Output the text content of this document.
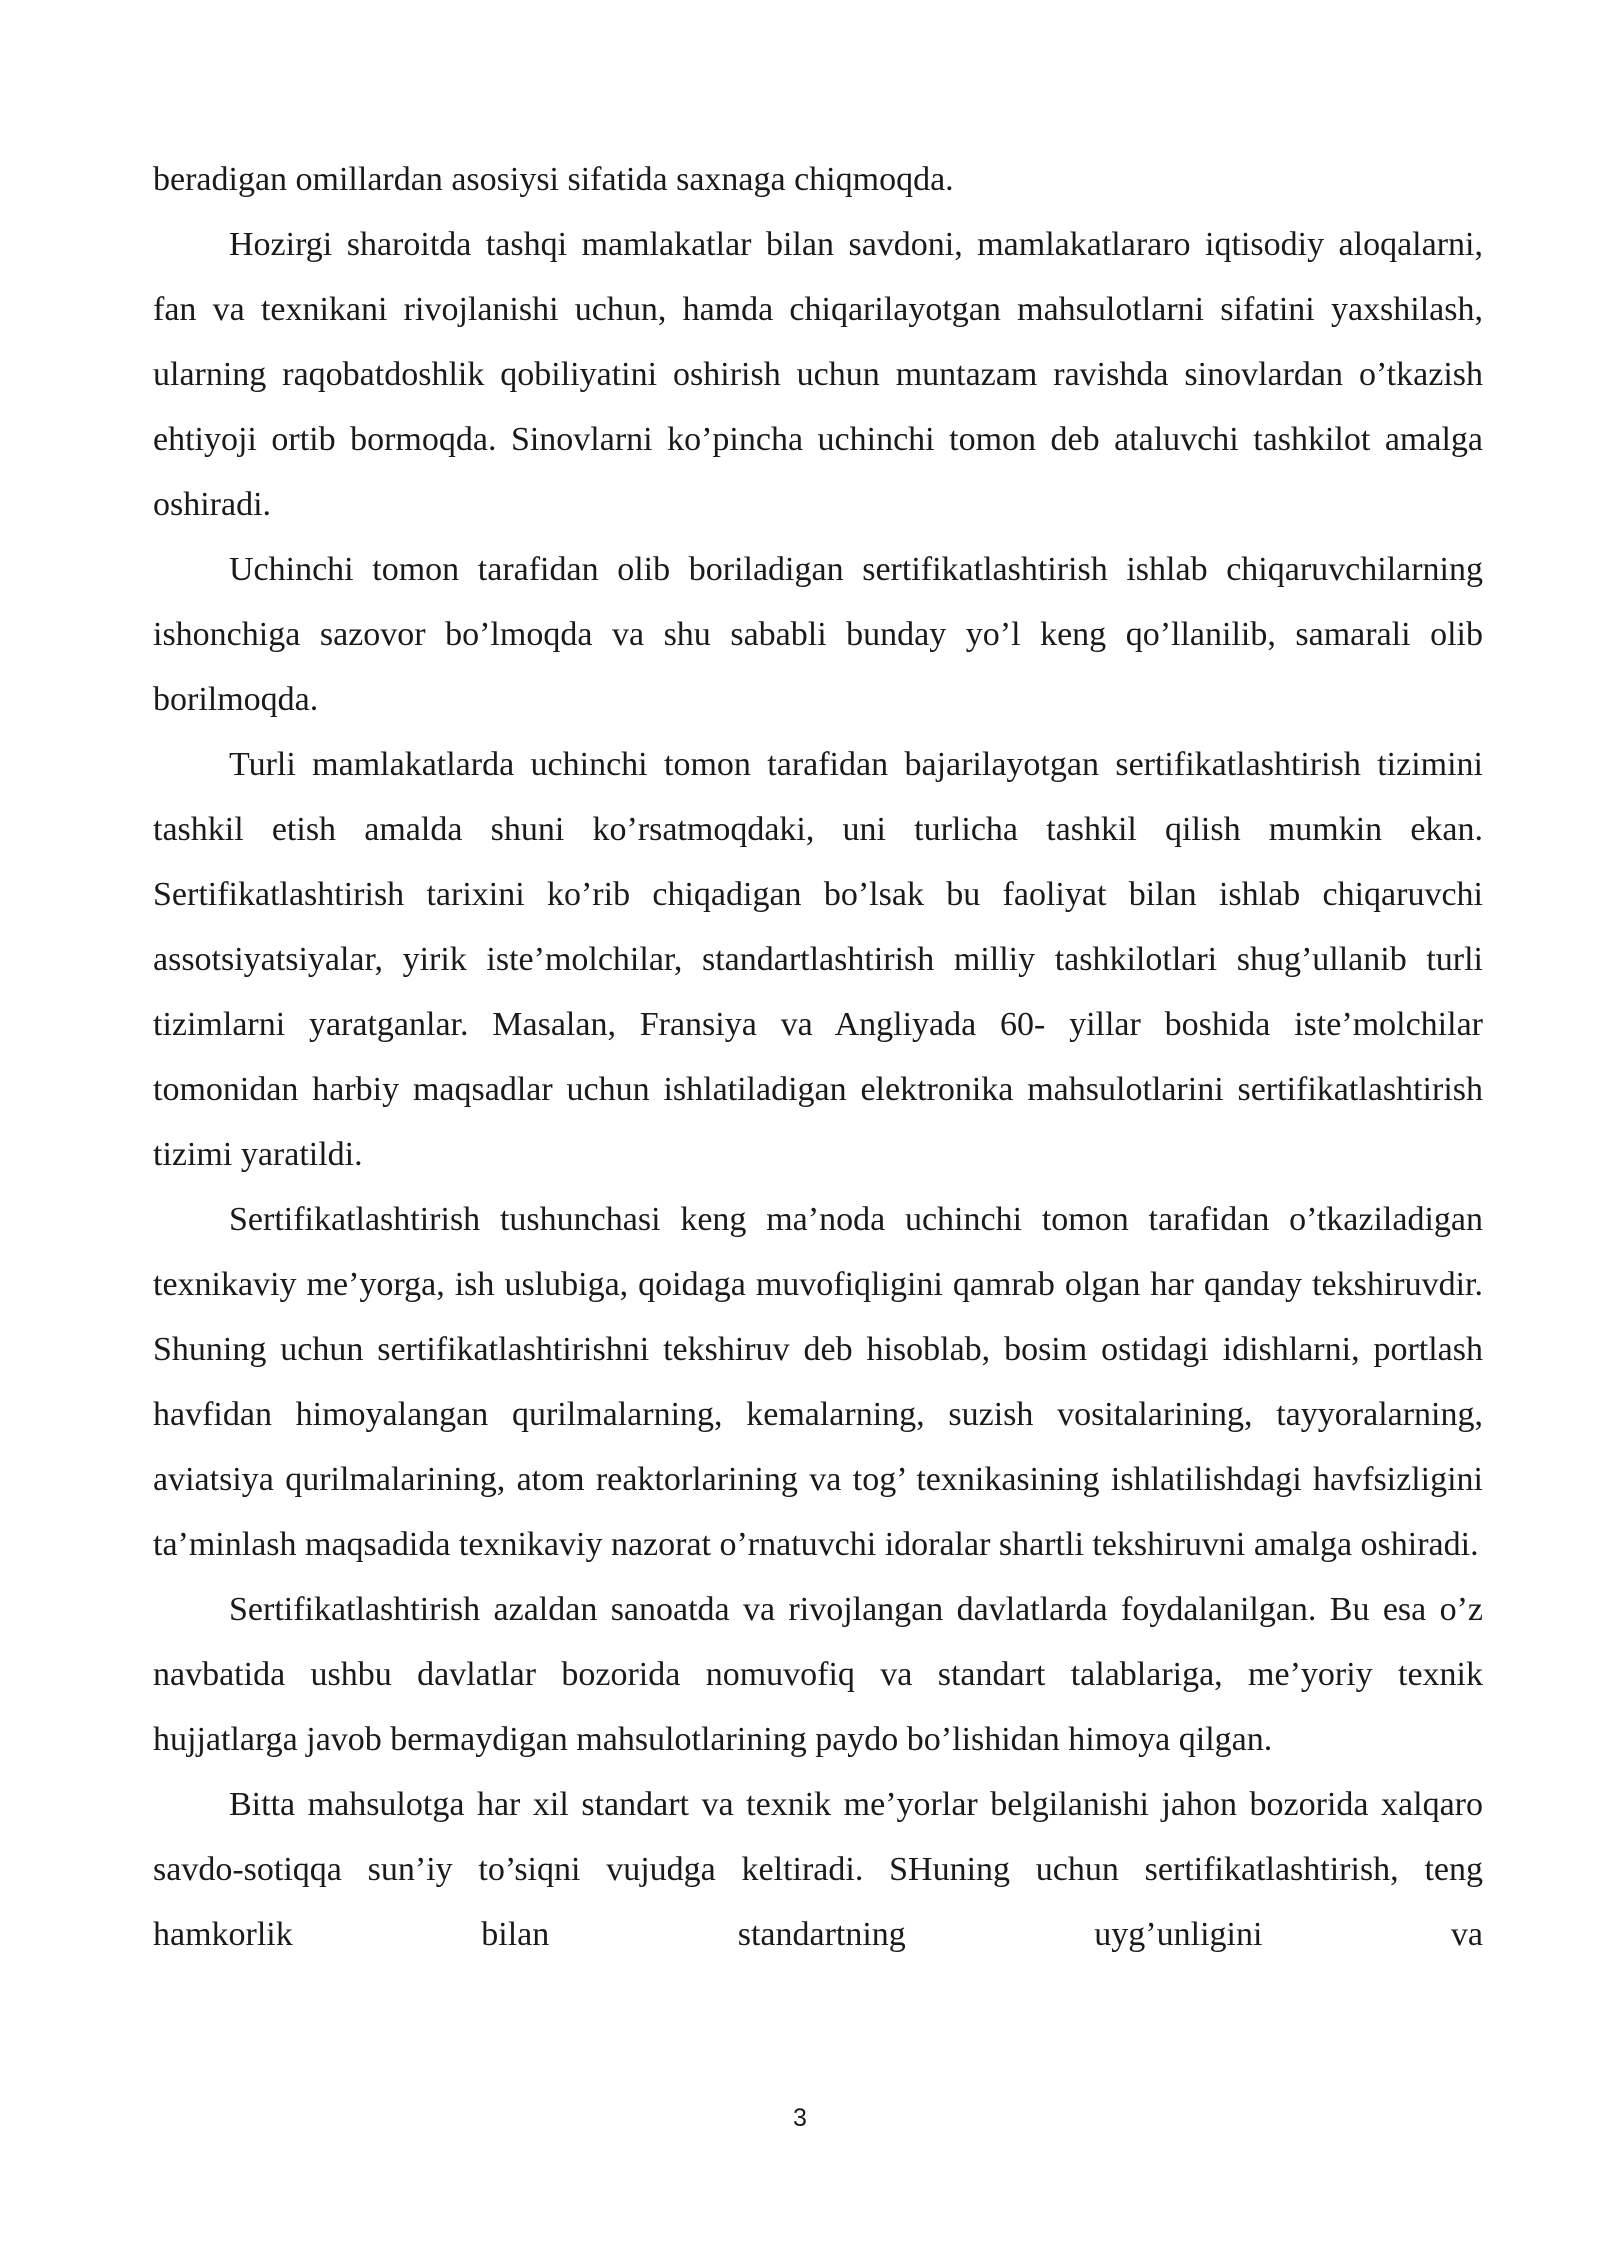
beradigan omillardan asosiysi sifatida saxnaga chiqmoqda.

Hozirgi sharoitda tashqi mamlakatlar bilan savdoni, mamlakatlararo iqtisodiy aloqalarni, fan va texnikani rivojlanishi uchun, hamda chiqarilayotgan mahsulotlarni sifatini yaxshilash, ularning raqobatdoshlik qobiliyatini oshirish uchun muntazam ravishda sinovlardan o’tkazish ehtiyoji ortib bormoqda. Sinovlarni ko’pincha uchinchi tomon deb ataluvchi tashkilot amalga oshiradi.

Uchinchi tomon tarafidan olib boriladigan sertifikatlashtirish ishlab chiqaruvchilarning ishonchiga sazovor bo’lmoqda va shu sababli bunday yo’l keng qo’llanilib, samarali olib borilmoqda.

Turli mamlakatlarda uchinchi tomon tarafidan bajarilayotgan sertifikatlashtirish tizimini tashkil etish amalda shuni ko’rsatmoqdaki, uni turlicha tashkil qilish mumkin ekan. Sertifikatlashtirish tarixini ko’rib chiqadigan bo’lsak bu faoliyat bilan ishlab chiqaruvchi assotsiyatsiyalar, yirik iste’molchilar, standartlashtirish milliy tashkilotlari shug’ullanib turli tizimlarni yaratganlar. Masalan, Fransiya va Angliyada 60- yillar boshida iste’molchilar tomonidan harbiy maqsadlar uchun ishlatiladigan elektronika mahsulotlarini sertifikatlashtirish tizimi yaratildi.

Sertifikatlashtirish tushunchasi keng ma’noda uchinchi tomon tarafidan o’tkaziladigan texnikaviy me’yorga, ish uslubiga, qoidaga muvofiqligini qamrab olgan har qanday tekshiruvdir. Shuning uchun sertifikatlashtirishni tekshiruv deb hisoblab, bosim ostidagi idishlarni, portlash havfidan himoyalangan qurilmalarning, kemalarning, suzish vositalarining, tayyoralarning, aviatsiya qurilmalarining, atom reaktorlarining va tog’ texnikasining ishlatilishdagi havfsizligini ta’minlash maqsadida texnikaviy nazorat o’rnatuvchi idoralar shartli tekshiruvni amalga oshiradi.

Sertifikatlashtirish azaldan sanoatda va rivojlangan davlatlarda foydalanilgan. Bu esa o’z navbatida ushbu davlatlar bozorida nomuvofiq va standart talablariga, me’yoriy texnik hujjatlarga javob bermaydigan mahsulotlarining paydo bo’lishidan himoya qilgan.

Bitta mahsulotga har xil standart va texnik me’yorlar belgilanishi jahon bozorida xalqaro savdo-sotiqqa sun’iy to’siqni vujudga keltiradi. SHuning uchun sertifikatlashtirish, teng hamkorlik bilan standartning uyg’unligini va

3
